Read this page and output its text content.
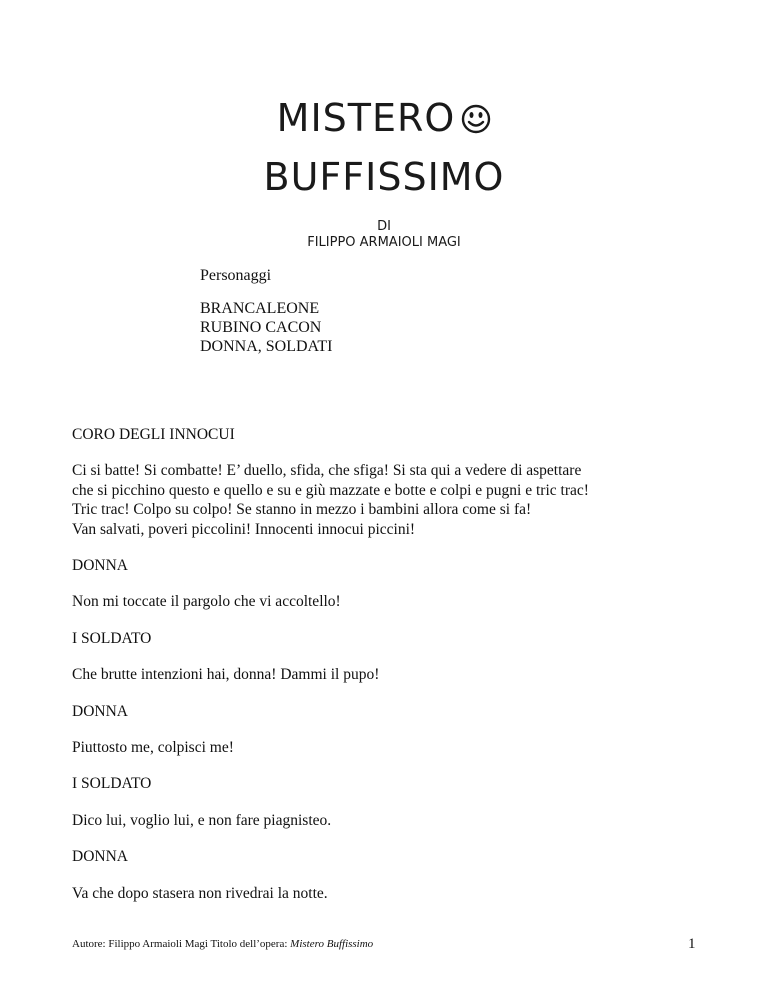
MISTERO
BUFFISSIMO
DI
FILIPPO ARMAIOLI MAGI

Personaggi

BRANCALEONE

RUBINO CACON

DONNA, SOLDATI

CORO DEGLI INNOCUI

Ci si batte! Si combatte! E’ duello, sfida, che sfiga! Si sta qui a vedere di aspettare
che si picchino questo e quello e su e giù mazzate e botte e colpi e pugni e tric trac!
Tric trac! Colpo su colpo! Se stanno in mezzo i bambini allora come si fa!
Van salvati, poveri piccolini! Innocenti innocui piccini!

DONNA

Non mi toccate il pargolo che vi accoltello!

I SOLDATO

Che brutte intenzioni hai, donna! Dammi il pupo!

DONNA

Piuttosto me, colpisci me!

I SOLDATO

Dico lui, voglio lui, e non fare piagnisteo.

DONNA

Va che dopo stasera non rivedrai la notte.

Autore: Filippo Armaioli Magi Titolo dell’opera: Mistero Buffissimo	1
